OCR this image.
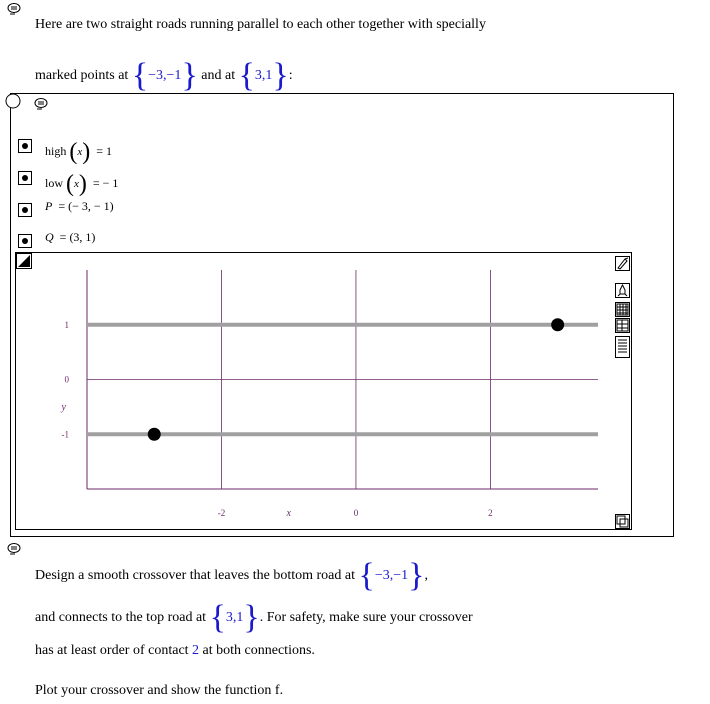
Here are two straight roads running parallel to each other together with specially
marked points at {−3,−1} and at {3,1}:
high (x) = 1
low (x) = − 1
P = (− 3, − 1)
Q = (3, 1)
-2	0	2
1
0
-1
x
y
Design a smooth crossover that leaves the bottom road at {−3,−1},
and connects to the top road at {3,1}. For safety, make sure your crossover
has at least order of contact 2 at both connections.
Plot your crossover and show the function f.
